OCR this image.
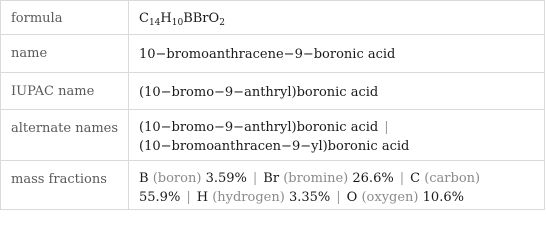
formula	$C_{14}H_{10}BBrO_2$
name	10−bromoanthracene−9−boronic acid
IUPAC name	(10−bromo−9−anthryl)boronic acid
alternate names	(10−bromo−9−anthryl)boronic acid |
(10−bromoanthracen−9−yl)boronic acid
mass fractions	B (boron) 3.59% | Br (bromine) 26.6% | C (carbon)
55.9% | H (hydrogen) 3.35% | O (oxygen) 10.6%
